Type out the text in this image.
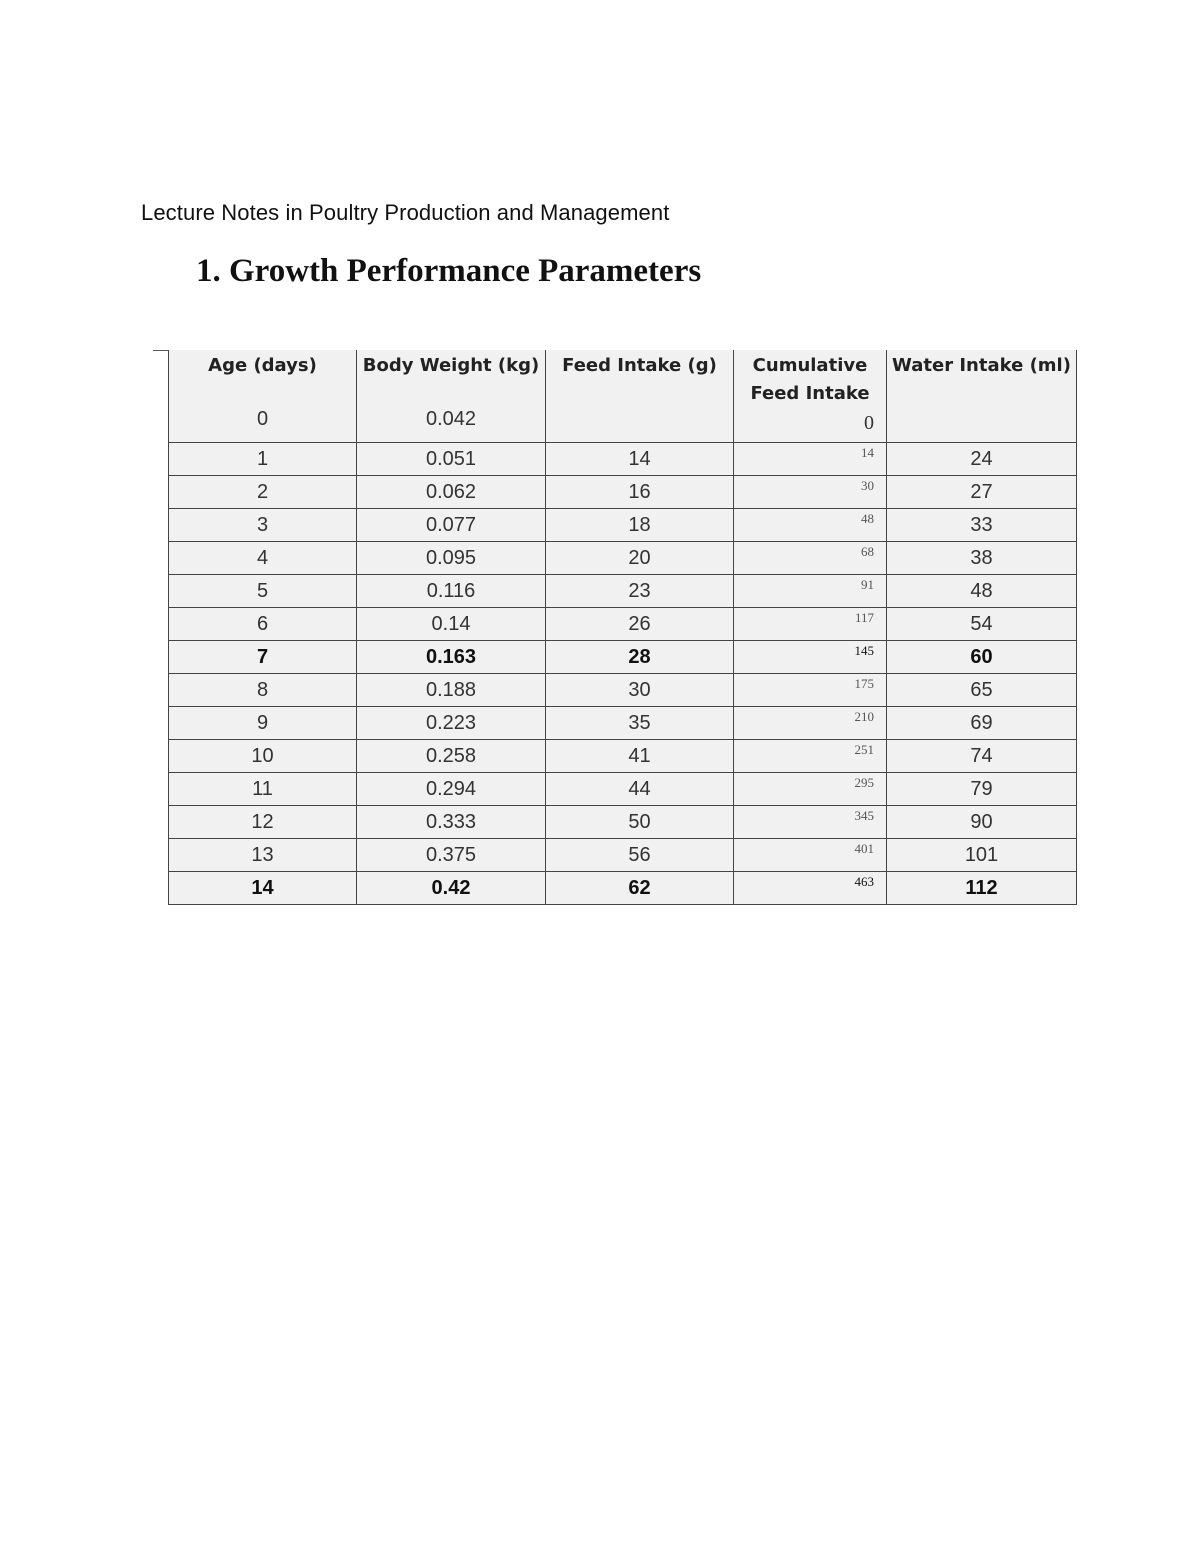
Lecture Notes in Poultry Production and Management
1. Growth Performance Parameters
Age (days)	Body Weight (kg)	Feed Intake (g)	Cumulative Feed Intake	Water Intake (ml)
0	0.042		0	
1	0.051	14	14	24
2	0.062	16	30	27
3	0.077	18	48	33
4	0.095	20	68	38
5	0.116	23	91	48
6	0.14	26	117	54
7	0.163	28	145	60
8	0.188	30	175	65
9	0.223	35	210	69
10	0.258	41	251	74
11	0.294	44	295	79
12	0.333	50	345	90
13	0.375	56	401	101
14	0.42	62	463	112
